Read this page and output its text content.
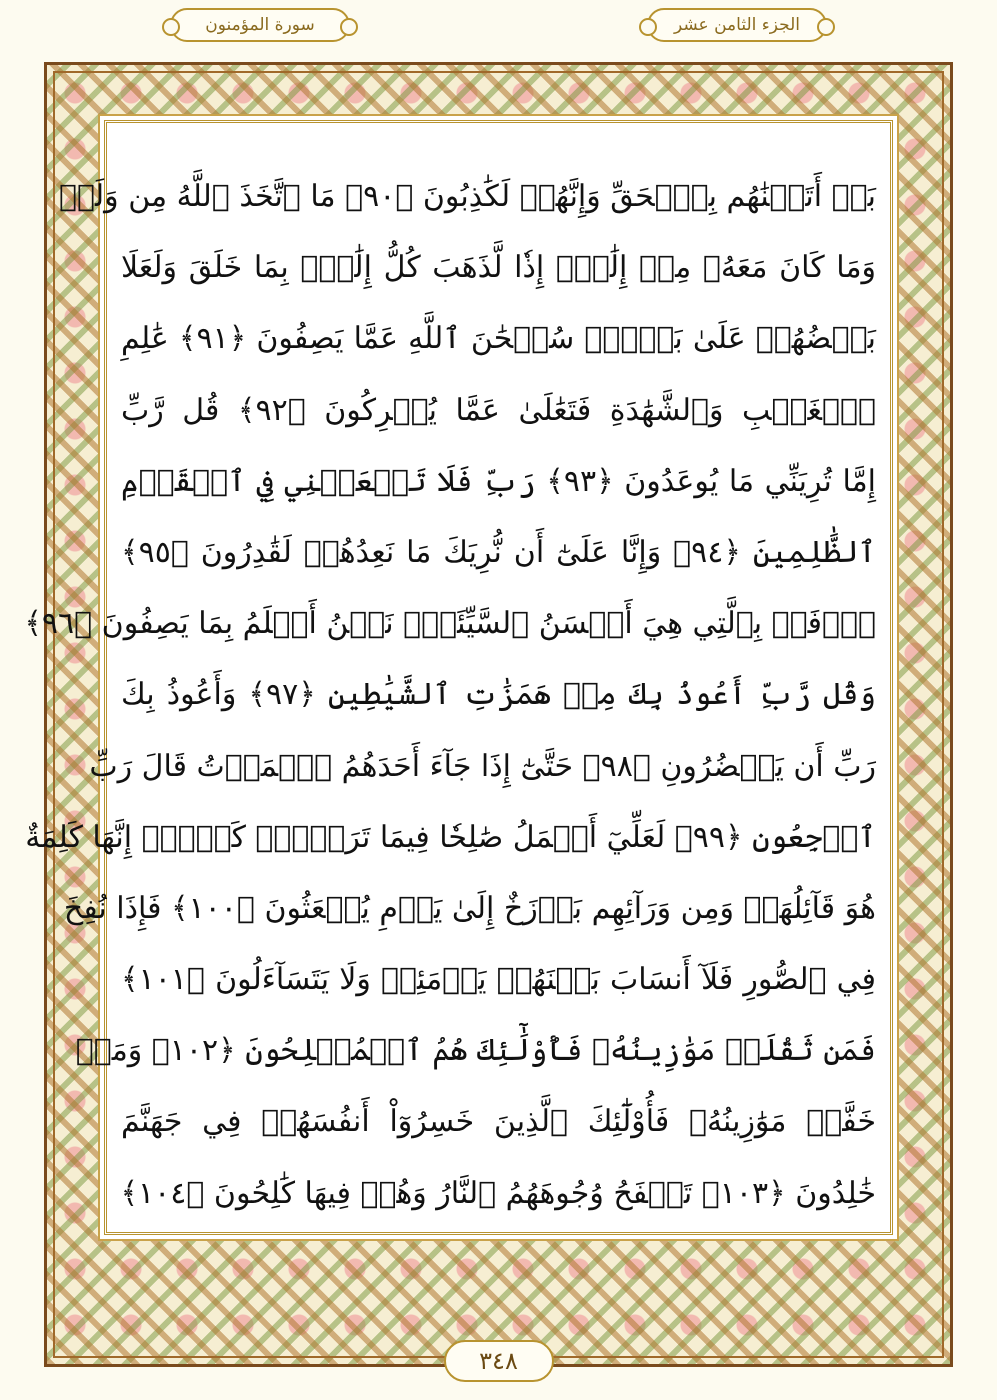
الجزء الثامن عشر
سورة المؤمنون
بَلۡ أَتَيۡنَٰهُم بِٱلۡحَقِّ وَإِنَّهُمۡ لَكَٰذِبُونَ ﴿٩٠﴾ مَا ٱتَّخَذَ ٱللَّهُ مِن وَلَدٖ
وَمَا كَانَ مَعَهُۥ مِنۡ إِلَٰهٍۚ إِذٗا لَّذَهَبَ كُلُّ إِلَٰهِۭ بِمَا خَلَقَ وَلَعَلَا
بَعۡضُهُمۡ عَلَىٰ بَعۡضٖۚ سُبۡحَٰنَ ٱللَّهِ عَمَّا يَصِفُونَ ﴿٩١﴾ عَٰلِمِ
ٱلۡغَيۡبِ وَٱلشَّهَٰدَةِ فَتَعَٰلَىٰ عَمَّا يُشۡرِكُونَ ﴿٩٢﴾ قُل رَّبِّ
إِمَّا تُرِيَنِّي مَا يُوعَدُونَ ﴿٩٣﴾ رَبِّ فَلَا تَجۡعَلۡنِي فِي ٱلۡقَوۡمِ
ٱلظَّٰلِمِينَ ﴿٩٤﴾ وَإِنَّا عَلَىٰٓ أَن نُّرِيَكَ مَا نَعِدُهُمۡ لَقَٰدِرُونَ ﴿٩٥﴾
ٱدۡفَعۡ بِٱلَّتِي هِيَ أَحۡسَنُ ٱلسَّيِّئَةَۚ نَحۡنُ أَعۡلَمُ بِمَا يَصِفُونَ ﴿٩٦﴾
وَقُل رَّبِّ أَعُوذُ بِكَ مِنۡ هَمَزَٰتِ ٱلشَّيَٰطِينِ ﴿٩٧﴾ وَأَعُوذُ بِكَ
رَبِّ أَن يَحۡضُرُونِ ﴿٩٨﴾ حَتَّىٰٓ إِذَا جَآءَ أَحَدَهُمُ ٱلۡمَوۡتُ قَالَ رَبِّ
ٱرۡجِعُونِ ﴿٩٩﴾ لَعَلِّيٓ أَعۡمَلُ صَٰلِحٗا فِيمَا تَرَكۡتُۚ كَلَّآۚ إِنَّهَا كَلِمَةٌ
هُوَ قَآئِلُهَاۖ وَمِن وَرَآئِهِم بَرۡزَخٌ إِلَىٰ يَوۡمِ يُبۡعَثُونَ ﴿١٠٠﴾ فَإِذَا نُفِخَ
فِي ٱلصُّورِ فَلَآ أَنسَابَ بَيۡنَهُمۡ يَوۡمَئِذٖ وَلَا يَتَسَآءَلُونَ ﴿١٠١﴾
فَمَن ثَقُلَتۡ مَوَٰزِينُهُۥ فَأُوْلَٰٓئِكَ هُمُ ٱلۡمُفۡلِحُونَ ﴿١٠٢﴾ وَمَنۡ
خَفَّتۡ مَوَٰزِينُهُۥ فَأُوْلَٰٓئِكَ ٱلَّذِينَ خَسِرُوٓاْ أَنفُسَهُمۡ فِي جَهَنَّمَ
خَٰلِدُونَ ﴿١٠٣﴾ تَلۡفَحُ وُجُوهَهُمُ ٱلنَّارُ وَهُمۡ فِيهَا كَٰلِحُونَ ﴿١٠٤﴾
٣٤٨
